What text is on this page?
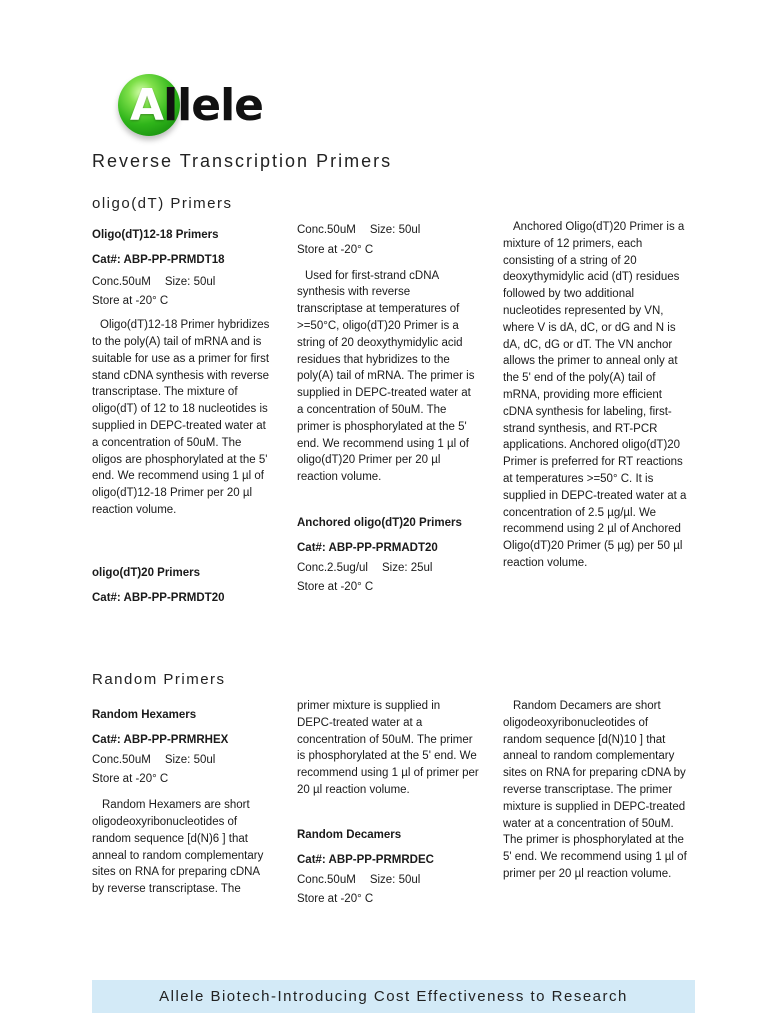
Allele
Reverse Transcription Primers
oligo(dT) Primers
Oligo(dT)12-18 Primers
Cat#: ABP-PP-PRMDT18
Conc.50uM Size: 50ul
Store at -20° C

Oligo(dT)12-18 Primer hybridizes to the poly(A) tail of mRNA and is suitable for use as a primer for first stand cDNA synthesis with reverse transcriptase. The mixture of oligo(dT) of 12 to 18 nucleotides is supplied in DEPC-treated water at a concentration of 50uM. The oligos are phosphorylated at the 5' end. We recommend using 1 µl of oligo(dT)12-18 Primer per 20 µl reaction volume.

oligo(dT)20 Primers
Cat#: ABP-PP-PRMDT20
Conc.50uM Size: 50ul
Store at -20° C

Used for first-strand cDNA synthesis with reverse transcriptase at temperatures of >=50°C, oligo(dT)20 Primer is a string of 20 deoxythymidylic acid residues that hybridizes to the poly(A) tail of mRNA. The primer is supplied in DEPC-treated water at a concentration of 50uM. The primer is phosphorylated at the 5' end. We recommend using 1 µl of oligo(dT)20 Primer per 20 µl reaction volume.

Anchored oligo(dT)20 Primers
Cat#: ABP-PP-PRMADT20
Conc.2.5ug/ul Size: 25ul
Store at -20° C

Anchored Oligo(dT)20 Primer is a mixture of 12 primers, each consisting of a string of 20 deoxythymidylic acid (dT) residues followed by two additional nucleotides represented by VN, where V is dA, dC, or dG and N is dA, dC, dG or dT. The VN anchor allows the primer to anneal only at the 5' end of the poly(A) tail of mRNA, providing more efficient cDNA synthesis for labeling, first-strand synthesis, and RT-PCR applications. Anchored oligo(dT)20 Primer is preferred for RT reactions at temperatures >=50° C. It is supplied in DEPC-treated water at a concentration of 2.5 µg/µl. We recommend using 2 µl of Anchored Oligo(dT)20 Primer (5 µg) per 50 µl reaction volume.

Random Primers
Random Hexamers
Cat#: ABP-PP-PRMRHEX
Conc.50uM Size: 50ul
Store at -20° C

Random Hexamers are short oligodeoxyribonucleotides of random sequence [d(N)6 ] that anneal to random complementary sites on RNA for preparing cDNA by reverse transcriptase. The

primer mixture is supplied in DEPC-treated water at a concentration of 50uM. The primer is phosphorylated at the 5' end. We recommend using 1 µl of primer per 20 µl reaction volume.

Random Decamers
Cat#: ABP-PP-PRMRDEC
Conc.50uM Size: 50ul
Store at -20° C

Random Decamers are short oligodeoxyribonucleotides of random sequence [d(N)10 ] that anneal to random complementary sites on RNA for preparing cDNA by reverse transcriptase. The primer mixture is supplied in DEPC-treated water at a concentration of 50uM. The primer is phosphorylated at the 5' end. We recommend using 1 µl of primer per 20 µl reaction volume.

Allele Biotech-Introducing Cost Effectiveness to Research
